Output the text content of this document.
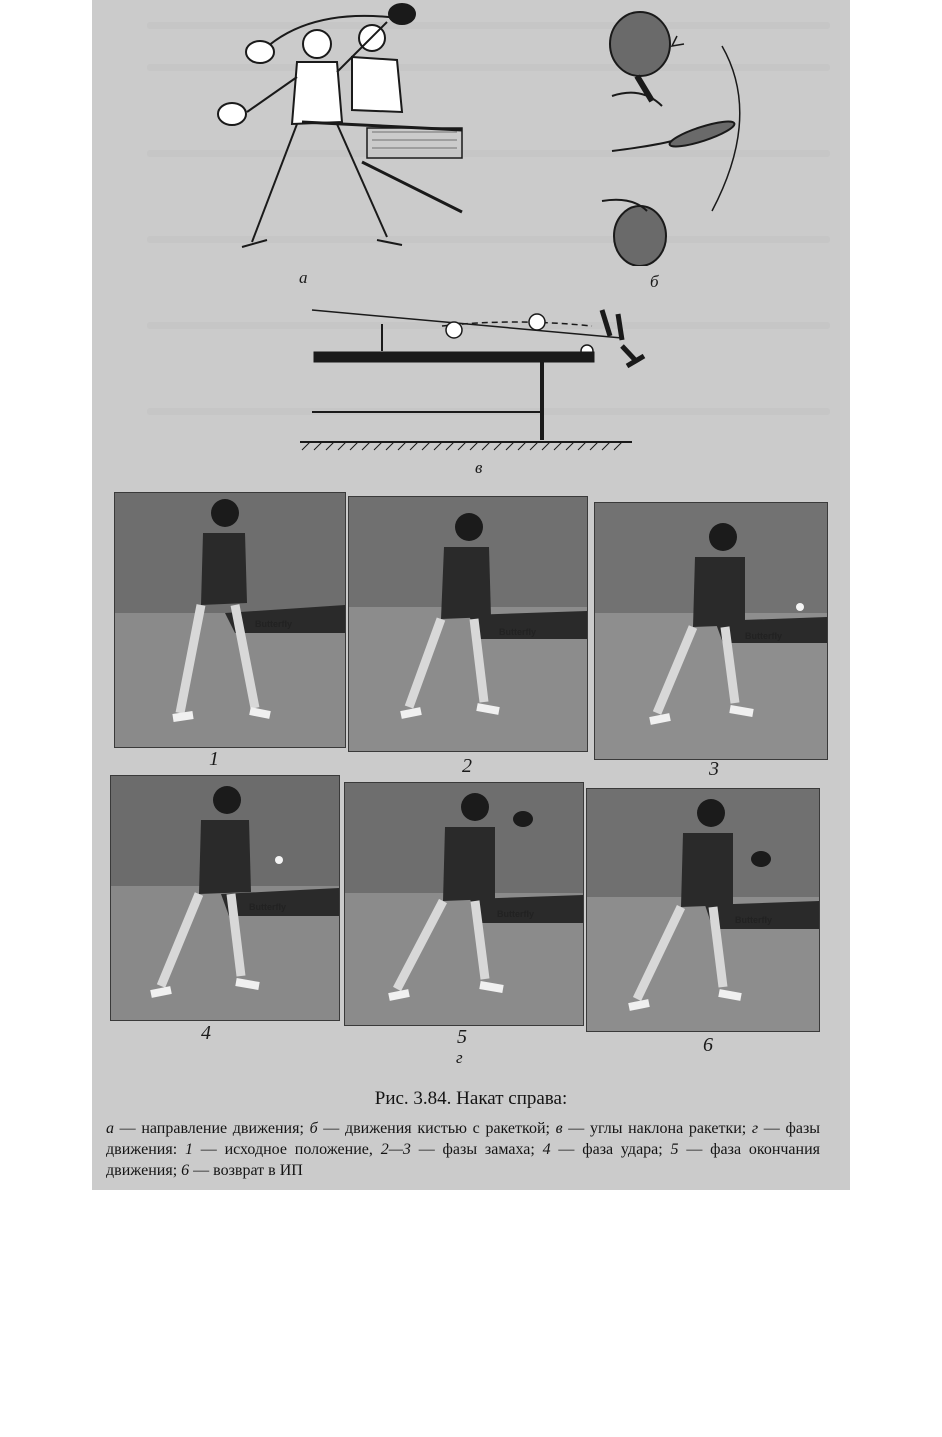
а	б
в
Butterfly
Butterfly	Butterfly
1	2	3
Butterfly
Butterfly
Butterfly
4	5
г
6
Рис. 3.84. Накат справа:
а — направление движения; б — движения кистью с ракеткой; в — углы наклона ракетки; г — фазы движения: 1 — исходное положение, 2—3 — фазы замаха; 4 — фаза удара; 5 — фаза окончания движения; 6 — возврат в ИП
